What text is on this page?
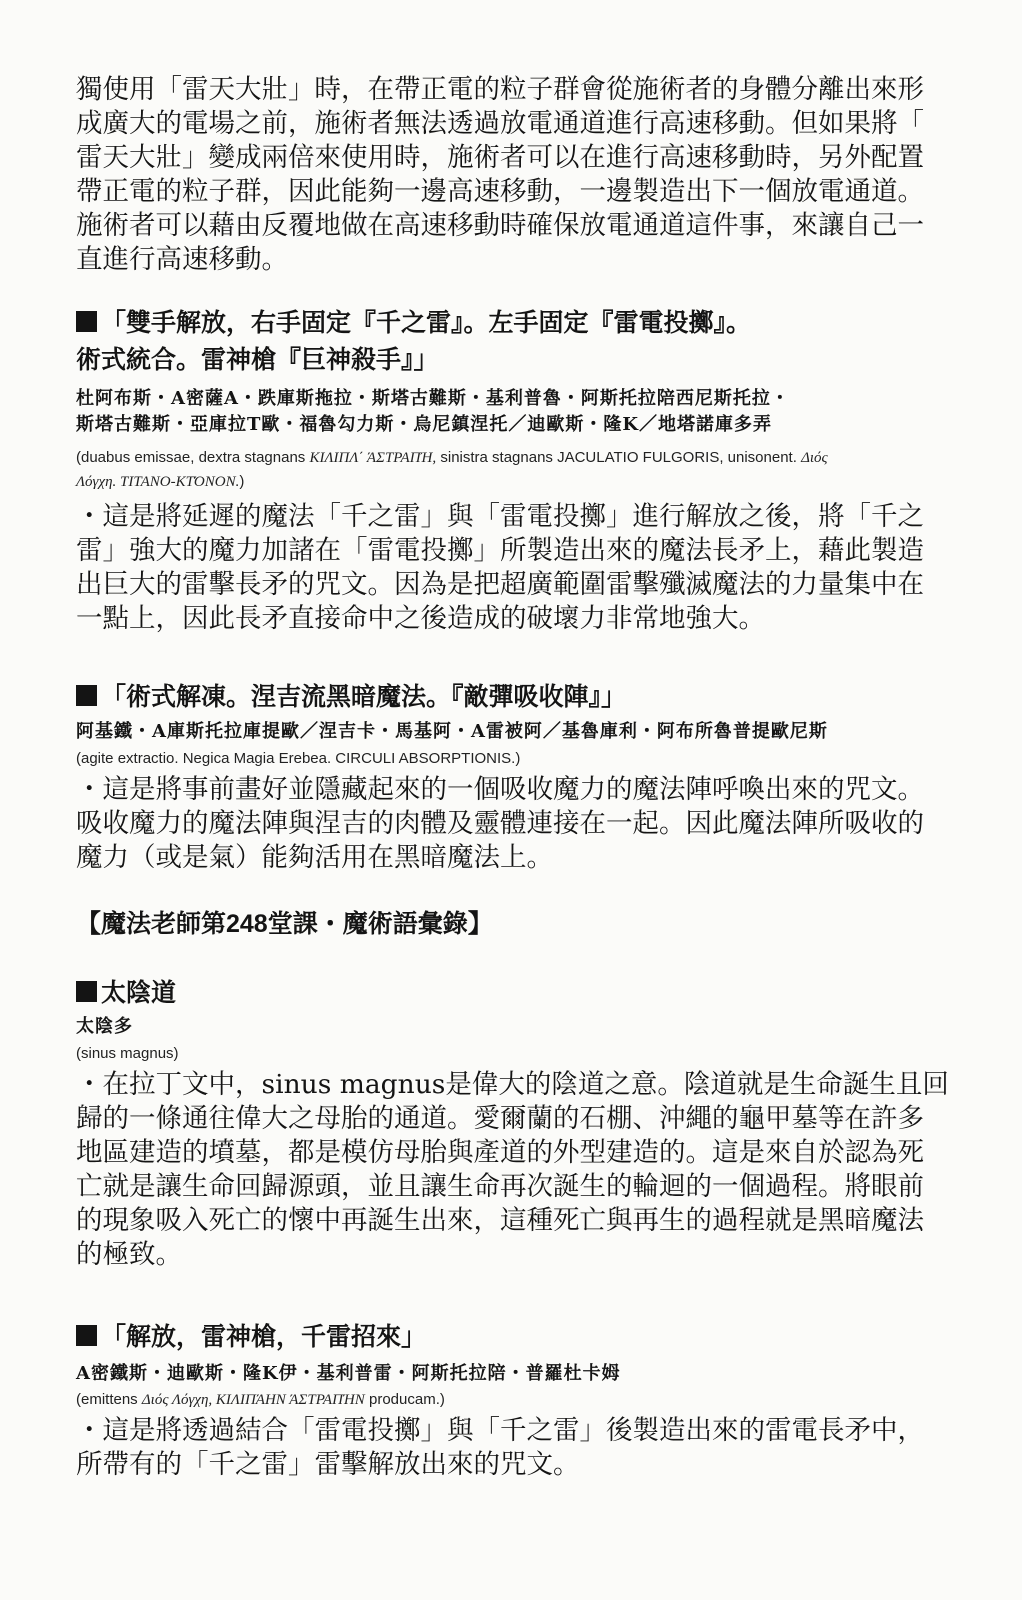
獨使用「雷天大壯」時，在帶正電的粒子群會從施術者的身體分離出來形

成廣大的電場之前，施術者無法透過放電通道進行高速移動。但如果將「

雷天大壯」變成兩倍來使用時，施術者可以在進行高速移動時，另外配置

帶正電的粒子群，因此能夠一邊高速移動，一邊製造出下一個放電通道。

施術者可以藉由反覆地做在高速移動時確保放電通道這件事，來讓自己一

直進行高速移動。

「雙手解放，右手固定『千之雷』。左手固定『雷電投擲』。
術式統合。雷神槍『巨神殺手』」

杜阿布斯・A密薩A・跌庫斯拖拉・斯塔古難斯・基利普魯・阿斯托拉陪西尼斯托拉・

斯塔古難斯・亞庫拉T歐・福魯勾力斯・烏尼鎮涅托／迪歐斯・隆K／地塔諾庫多弄

(duabus emissae, dextra stagnans ΚΙΛΙΠΛ΄ ΆΣΤΡΑΠΉ, sinistra stagnans JACULATIO FULGORIS, unisonent. Διός

Λόγχη. ΤΙΤΑΝΟ-ΚΤΌΝΟΝ.)

・這是將延遲的魔法「千之雷」與「雷電投擲」進行解放之後，將「千之

雷」強大的魔力加諸在「雷電投擲」所製造出來的魔法長矛上，藉此製造

出巨大的雷擊長矛的咒文。因為是把超廣範圍雷擊殲滅魔法的力量集中在

一點上，因此長矛直接命中之後造成的破壞力非常地強大。

「術式解凍。涅吉流黑暗魔法。『敵彈吸收陣』」

阿基鐵・A庫斯托拉庫提歐／涅吉卡・馬基阿・A雷被阿／基魯庫利・阿布所魯普提歐尼斯

(agite extractio. Negica Magia Erebea. CIRCULI ABSORPTIONIS.)

・這是將事前畫好並隱藏起來的一個吸收魔力的魔法陣呼喚出來的咒文。

吸收魔力的魔法陣與涅吉的肉體及靈體連接在一起。因此魔法陣所吸收的

魔力（或是氣）能夠活用在黑暗魔法上。

【魔法老師第248堂課・魔術語彙錄】

太陰道

太陰多

(sinus magnus)

・在拉丁文中，sinus magnus是偉大的陰道之意。陰道就是生命誕生且回

歸的一條通往偉大之母胎的通道。愛爾蘭的石棚、沖繩的龜甲墓等在許多

地區建造的墳墓，都是模仿母胎與產道的外型建造的。這是來自於認為死

亡就是讓生命回歸源頭，並且讓生命再次誕生的輪迴的一個過程。將眼前

的現象吸入死亡的懷中再誕生出來，這種死亡與再生的過程就是黑暗魔法

的極致。

「解放，雷神槍，千雷招來」

A密鐵斯・迪歐斯・隆K伊・基利普雷・阿斯托拉陪・普羅杜卡姆

(emittens Διός Λόγχη, ΚΙΛΙΠΆΗΝ ΆΣΤΡΑΠΉΝ producam.)

・這是將透過結合「雷電投擲」與「千之雷」後製造出來的雷電長矛中，

所帶有的「千之雷」雷擊解放出來的咒文。
